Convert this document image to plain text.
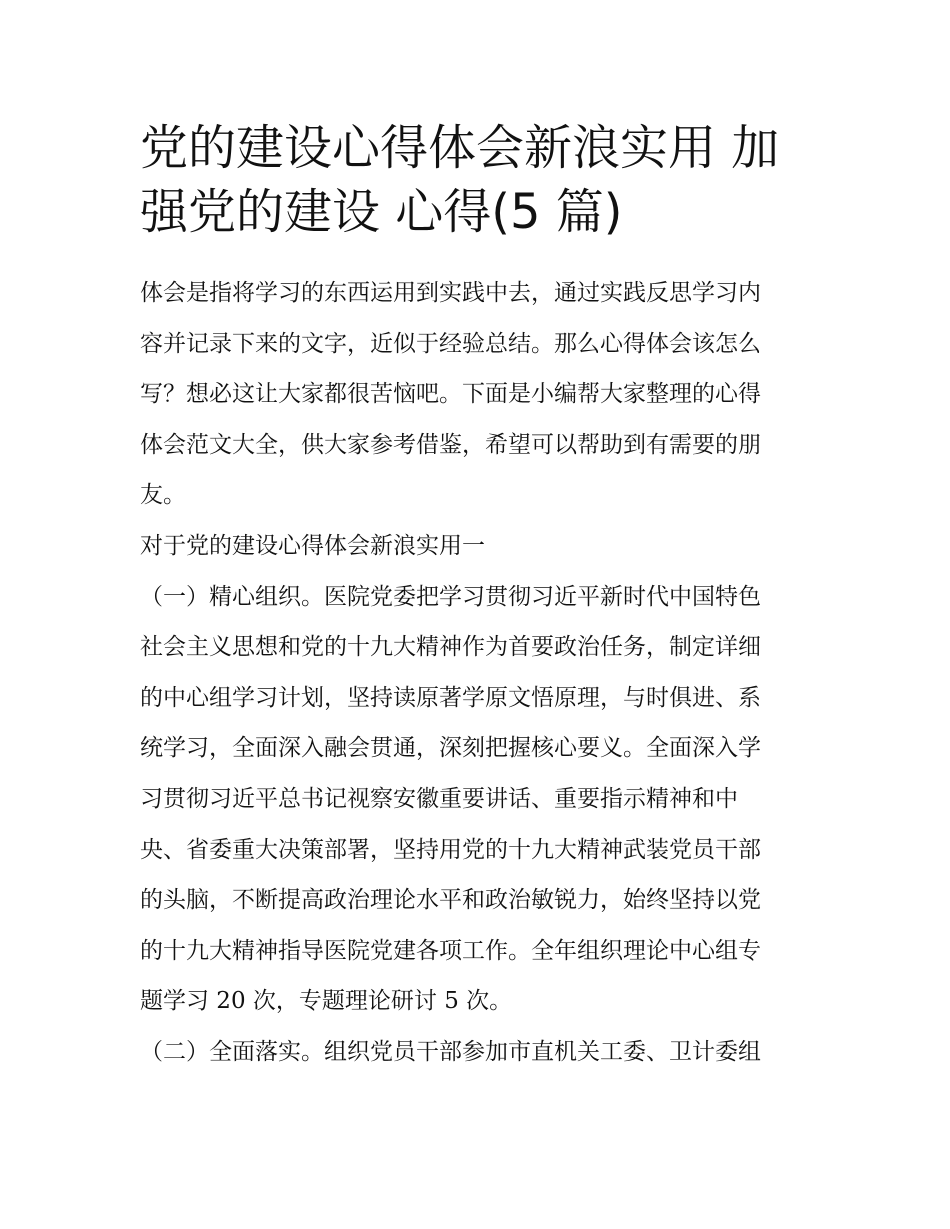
党的建设心得体会新浪实用 加
强党的建设 心得(5 篇)

体会是指将学习的东西运用到实践中去，通过实践反思学习内
容并记录下来的文字，近似于经验总结。那么心得体会该怎么
写？想必这让大家都很苦恼吧。下面是小编帮大家整理的心得
体会范文大全，供大家参考借鉴，希望可以帮助到有需要的朋
友。

对于党的建设心得体会新浪实用一

（一）精心组织。医院党委把学习贯彻习近平新时代中国特色
社会主义思想和党的十九大精神作为首要政治任务，制定详细
的中心组学习计划，坚持读原著学原文悟原理，与时俱进、系
统学习，全面深入融会贯通，深刻把握核心要义。全面深入学
习贯彻习近平总书记视察安徽重要讲话、重要指示精神和中
央、省委重大决策部署，坚持用党的十九大精神武装党员干部
的头脑，不断提高政治理论水平和政治敏锐力，始终坚持以党
的十九大精神指导医院党建各项工作。全年组织理论中心组专
题学习 20 次，专题理论研讨 5 次。

（二）全面落实。组织党员干部参加市直机关工委、卫计委组
